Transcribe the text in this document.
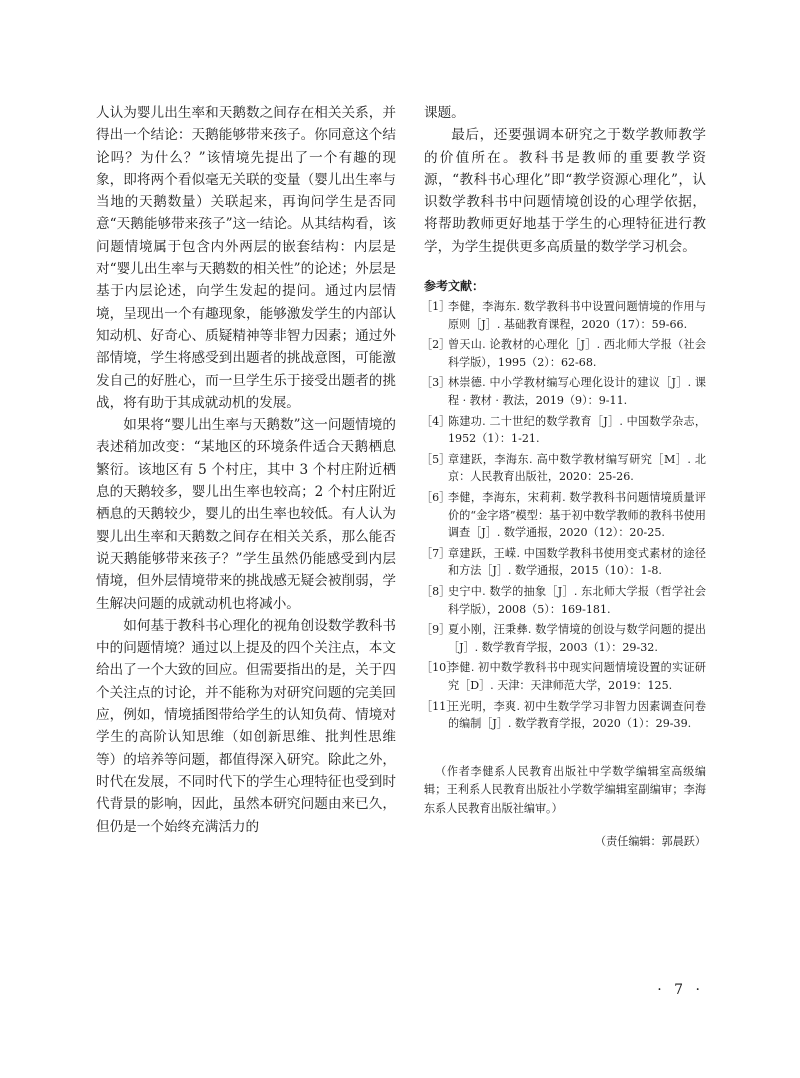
人认为婴儿出生率和天鹅数之间存在相关关系，并得出一个结论：天鹅能够带来孩子。你同意这个结论吗？为什么？”该情境先提出了一个有趣的现象，即将两个看似毫无关联的变量（婴儿出生率与当地的天鹅数量）关联起来，再询问学生是否同意“天鹅能够带来孩子”这一结论。从其结构看，该问题情境属于包含内外两层的嵌套结构：内层是对“婴儿出生率与天鹅数的相关性”的论述；外层是基于内层论述，向学生发起的提问。通过内层情境，呈现出一个有趣现象，能够激发学生的内部认知动机、好奇心、质疑精神等非智力因素；通过外部情境，学生将感受到出题者的挑战意图，可能激发自己的好胜心，而一旦学生乐于接受出题者的挑战，将有助于其成就动机的发展。

如果将“婴儿出生率与天鹅数”这一问题情境的表述稍加改变：“某地区的环境条件适合天鹅栖息繁衍。该地区有 5 个村庄，其中 3 个村庄附近栖息的天鹅较多，婴儿出生率也较高；2 个村庄附近栖息的天鹅较少，婴儿的出生率也较低。有人认为婴儿出生率和天鹅数之间存在相关关系，那么能否说天鹅能够带来孩子？”学生虽然仍能感受到内层情境，但外层情境带来的挑战感无疑会被削弱，学生解决问题的成就动机也将减小。

如何基于教科书心理化的视角创设数学教科书中的问题情境？通过以上提及的四个关注点，本文给出了一个大致的回应。但需要指出的是，关于四个关注点的讨论，并不能称为对研究问题的完美回应，例如，情境插图带给学生的认知负荷、情境对学生的高阶认知思维（如创新思维、批判性思维等）的培养等问题，都值得深入研究。除此之外，时代在发展，不同时代下的学生心理特征也受到时代背景的影响，因此，虽然本研究问题由来已久，但仍是一个始终充满活力的

课题。

最后，还要强调本研究之于数学教师教学的价值所在。教科书是教师的重要教学资源，“教科书心理化”即“教学资源心理化”，认识数学教科书中问题情境创设的心理学依据，将帮助教师更好地基于学生的心理特征进行教学，为学生提供更多高质量的数学学习机会。

参考文献：
［1］
李健，李海东. 数学教科书中设置问题情境的作用与原则［J］. 基础教育课程，2020（17）：59-66.
［2］
曾天山. 论教材的心理化［J］. 西北师大学报（社会科学版），1995（2）：62-68.
［3］
林崇德. 中小学教材编写心理化设计的建议［J］. 课程 · 教材 · 教法，2019（9）：9-11.
［4］
陈建功. 二十世纪的数学教育［J］. 中国数学杂志，1952（1）：1-21.
［5］
章建跃，李海东. 高中数学教材编写研究［M］. 北京：人民教育出版社，2020：25-26.
［6］
李健，李海东，宋莉莉. 数学教科书问题情境质量评价的“金字塔”模型：基于初中数学教师的教科书使用调查［J］. 数学通报，2020（12）：20-25.
［7］
章建跃，王嵘. 中国数学教科书使用变式素材的途径和方法［J］. 数学通报，2015（10）：1-8.
［8］
史宁中. 数学的抽象［J］. 东北师大学报（哲学社会科学版），2008（5）：169-181.
［9］
夏小刚，汪秉彝. 数学情境的创设与数学问题的提出［J］. 数学教育学报，2003（1）：29-32.
［10］
李健. 初中数学教科书中现实问题情境设置的实证研究［D］. 天津：天津师范大学，2019：125.
［11］
王光明，李爽. 初中生数学学习非智力因素调查问卷的编制［J］. 数学教育学报，2020（1）：29-39.

（作者李健系人民教育出版社中学数学编辑室高级编辑；王利系人民教育出版社小学数学编辑室副编审；李海东系人民教育出版社编审。）

（责任编辑：郭晨跃）

· 7 ·
